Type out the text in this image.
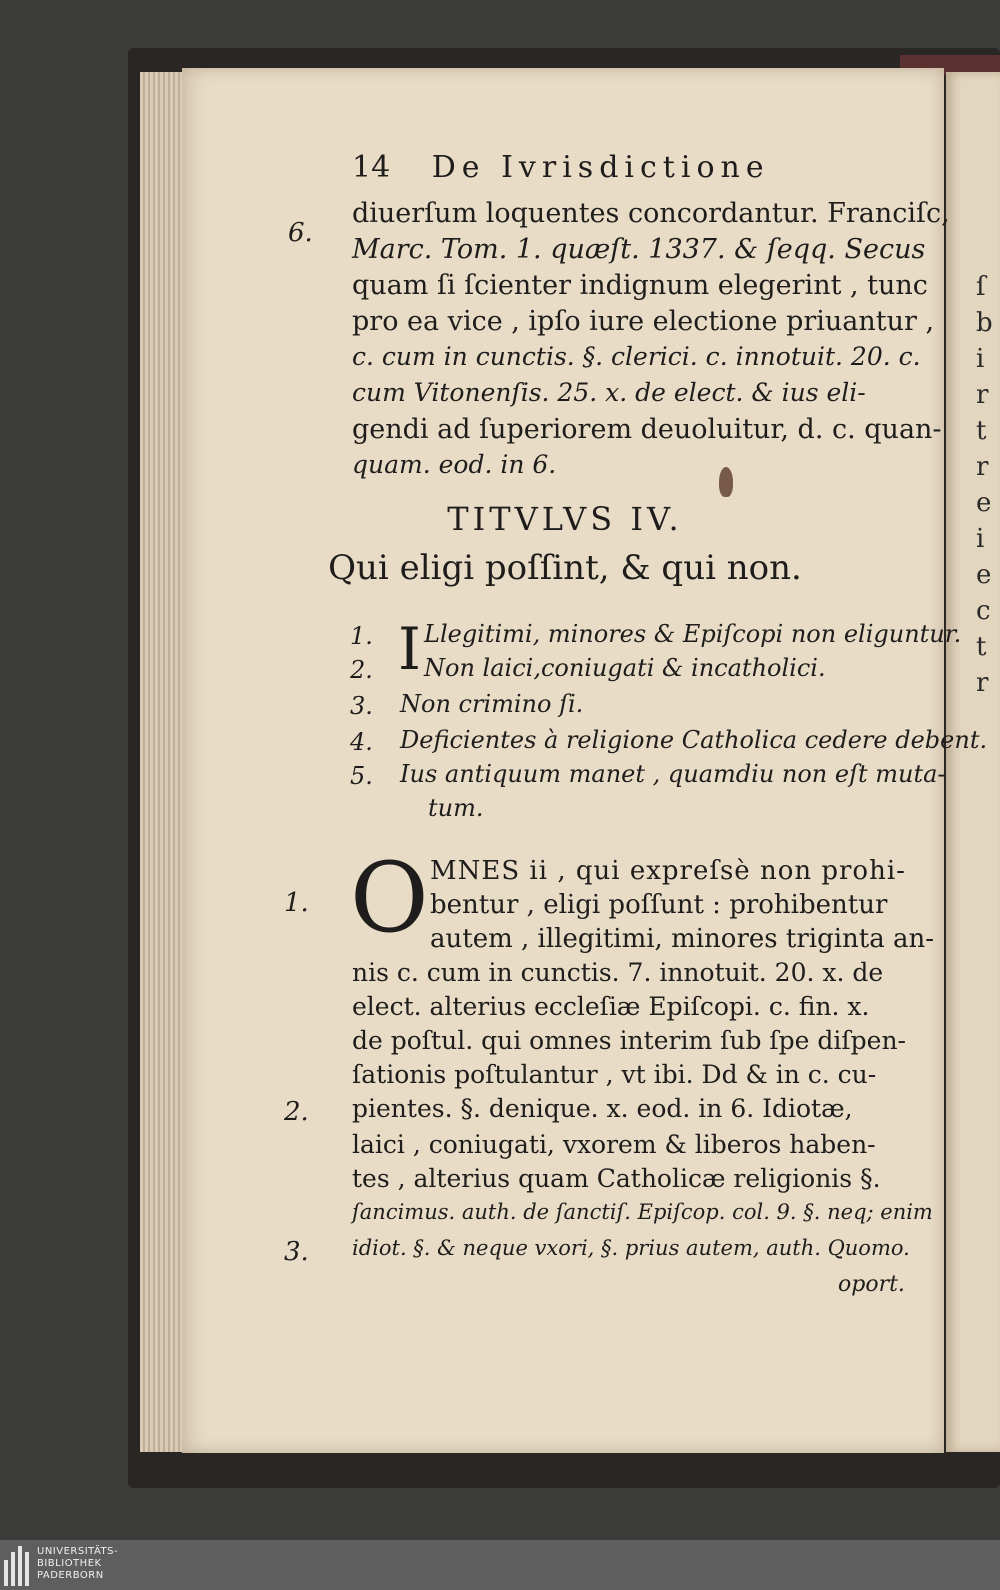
ſ
b
i
r
t
r
e
i
e
c
t
r
14 De Ivrisdictione
6.
1.
2.
3.
diuerſum loquentes concordantur. Franciſc,
Marc. Tom. 1. quæſt. 1337. & ſeqq. Secus
quam ſi ſcienter indignum elegerint , tunc
pro ea vice , ipſo iure electione priuantur ,
c. cum in cunctis. §. clerici. c. innotuit. 20. c.
cum Vitonenſis. 25. x. de elect. & ius eli-
gendi ad ſuperiorem deuoluitur, d. c. quan-
quam. eod. in 6.
TITVLVS IV.
Qui eligi poſſint, & qui non.
I
1. Llegitimi, minores & Epiſcopi non eliguntur.
2. Non laici,coniugati & incatholici.
3. Non crimino ſi.
4. Deficientes à religione Catholica cedere debent.
5. Ius antiquum manet , quamdiu non eſt muta-
tum.
O MNES ii , qui expreſsè non prohi-
bentur , eligi poſſunt : prohibentur
autem , illegitimi, minores triginta an-
nis c. cum in cunctis. 7. innotuit. 20. x. de
elect. alterius eccleſiæ Epiſcopi. c. fin. x.
de poſtul. qui omnes interim ſub ſpe diſpen-
ſationis poſtulantur , vt ibi. Dd & in c. cu-
pientes. §. denique. x. eod. in 6. Idiotæ,
laici , coniugati, vxorem & liberos haben-
tes , alterius quam Catholicæ religionis §.
ſancimus. auth. de ſanctiſ. Epiſcop. col. 9. §. neq; enim
idiot. §. & neque vxori, §. prius autem, auth. Quomo.
oport.
UNIVERSITÄTS-
BIBLIOTHEK
PADERBORN
